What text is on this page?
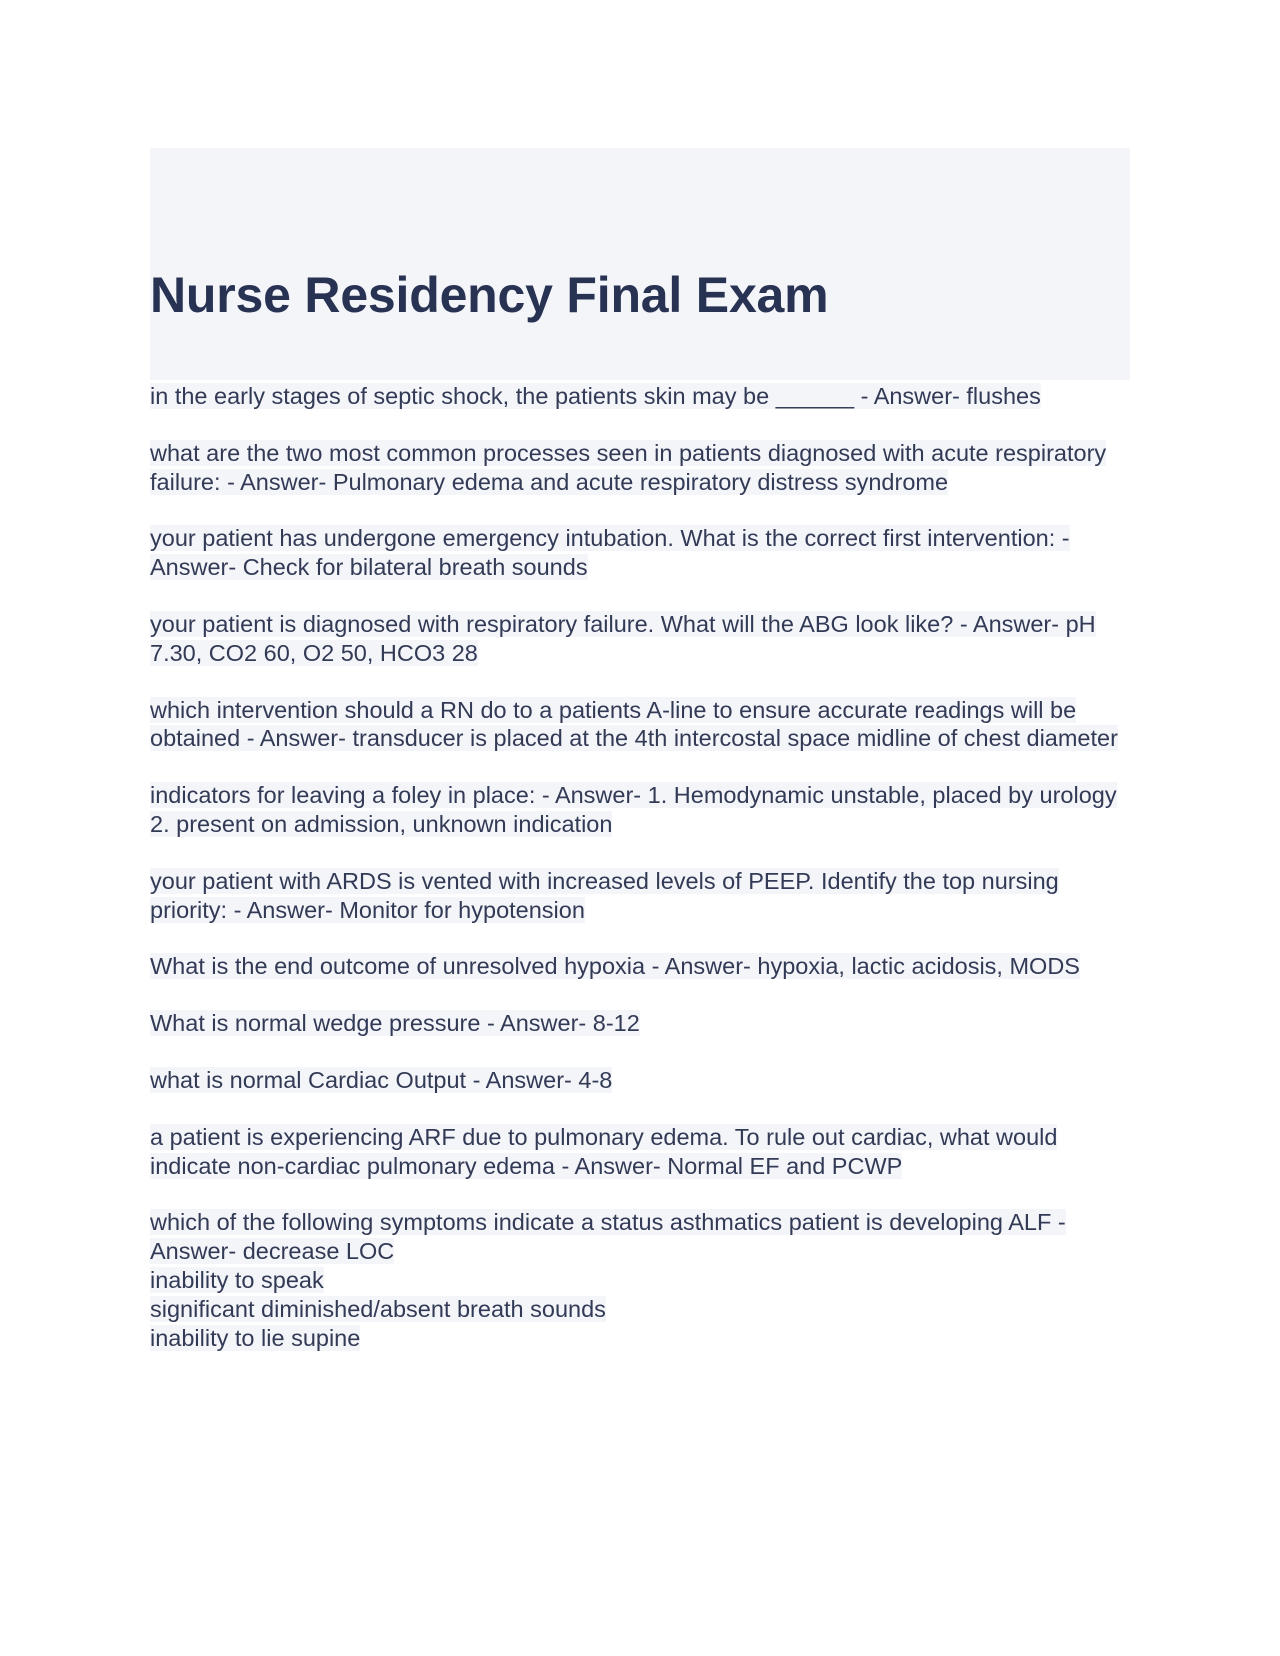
Nurse Residency Final Exam

in the early stages of septic shock, the patients skin may be ______ - Answer- flushes

what are the two most common processes seen in patients diagnosed with acute respiratory failure: - Answer- Pulmonary edema and acute respiratory distress syndrome

your patient has undergone emergency intubation. What is the correct first intervention: - Answer- Check for bilateral breath sounds

your patient is diagnosed with respiratory failure. What will the ABG look like? - Answer- pH 7.30, CO2 60, O2 50, HCO3 28

which intervention should a RN do to a patients A-line to ensure accurate readings will be obtained - Answer- transducer is placed at the 4th intercostal space midline of chest diameter

indicators for leaving a foley in place: - Answer- 1. Hemodynamic unstable, placed by urology
2. present on admission, unknown indication

your patient with ARDS is vented with increased levels of PEEP. Identify the top nursing priority: - Answer- Monitor for hypotension

What is the end outcome of unresolved hypoxia - Answer- hypoxia, lactic acidosis, MODS

What is normal wedge pressure - Answer- 8-12

what is normal Cardiac Output - Answer- 4-8

a patient is experiencing ARF due to pulmonary edema. To rule out cardiac, what would indicate non-cardiac pulmonary edema - Answer- Normal EF and PCWP

which of the following symptoms indicate a status asthmatics patient is developing ALF - Answer- decrease LOC
inability to speak
significant diminished/absent breath sounds
inability to lie supine
